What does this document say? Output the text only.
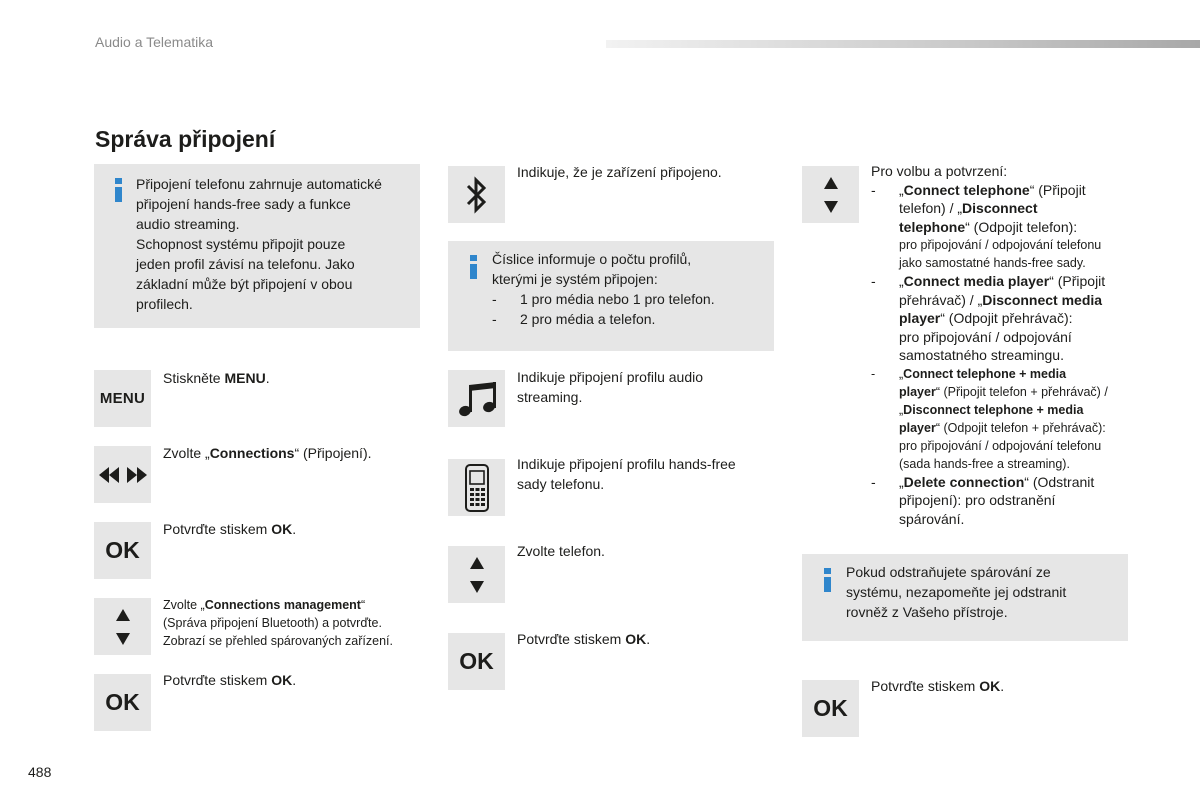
Audio a Telematika
Správa připojení
Připojení telefonu zahrnuje automatické
připojení hands-free sady a funkce
audio streaming.
Schopnost systému připojit pouze
jeden profil závisí na telefonu. Jako
základní může být připojení v obou
profilech.
MENU
Stiskněte MENU.
Zvolte „Connections“ (Připojení).
OK
Potvrďte stiskem OK.
Zvolte „Connections management“
(Správa připojení Bluetooth) a potvrďte.
Zobrazí se přehled spárovaných zařízení.
OK
Potvrďte stiskem OK.
Indikuje, že je zařízení připojeno.
Číslice informuje o počtu profilů,
kterými je systém připojen:
-	1 pro média nebo 1 pro telefon.
-	2 pro média a telefon.
Indikuje připojení profilu audio
streaming.
Indikuje připojení profilu hands-free
sady telefonu.
Zvolte telefon.
OK
Potvrďte stiskem OK.
Pro volbu a potvrzení:
-	„Connect telephone“ (Připojit
telefon) / „Disconnect
telephone“ (Odpojit telefon):
pro připojování / odpojování telefonu
jako samostatné hands-free sady.
-	„Connect media player“ (Připojit
přehrávač) / „Disconnect media
player“ (Odpojit přehrávač):
pro připojování / odpojování
samostatného streamingu.
-	„Connect telephone + media
player“ (Připojit telefon + přehrávač) /
„Disconnect telephone + media
player“ (Odpojit telefon + přehrávač):
pro připojování / odpojování telefonu
(sada hands-free a streaming).
-	„Delete connection“ (Odstranit
připojení): pro odstranění
spárování.
Pokud odstraňujete spárování ze
systému, nezapomeňte jej odstranit
rovněž z Vašeho přístroje.
OK
Potvrďte stiskem OK.
488
